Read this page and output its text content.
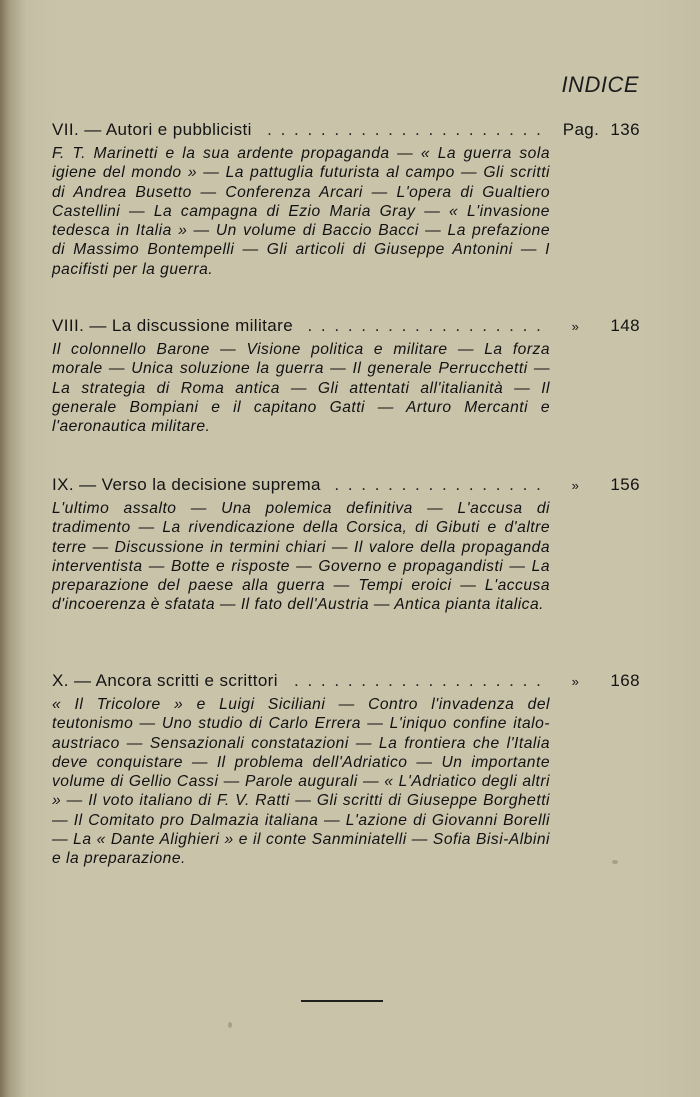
INDICE
. . .
VII. — Autori e pubblicisti	Pag. 136
F. T. Marinetti e la sua ardente propaganda — « La guerra sola igiene del mondo » — La pattuglia futurista al campo — Gli scritti di Andrea Busetto — Conferenza Arcari — L'opera di Gualtiero Castellini — La campagna di Ezio Maria Gray — « L'invasione tedesca in Italia » — Un volume di Baccio Bacci — La prefazione di Massimo Bontempelli — Gli articoli di Giuseppe Antonini — I pacifisti per la guerra.
. . .
VIII. — La discussione militare	» 148
Il colonnello Barone — Visione politica e militare — La forza morale — Unica soluzione la guerra — Il generale Perrucchetti — La strategia di Roma antica — Gli attentati all'italianità — Il generale Bompiani e il capitano Gatti — Arturo Mercanti e l'aeronautica militare.
. . .
IX. — Verso la decisione suprema	» 156
L'ultimo assalto — Una polemica definitiva — L'accusa di tradimento — La rivendicazione della Corsica, di Gibuti e d'altre terre — Discussione in termini chiari — Il valore della propaganda interventista — Botte e risposte — Governo e propagandisti — La preparazione del paese alla guerra — Tempi eroici — L'accusa d'incoerenza è sfatata — Il fato dell'Austria — Antica pianta italica.
. . .
X. — Ancora scritti e scrittori	» 168
« Il Tricolore » e Luigi Siciliani — Contro l'invadenza del teutonismo — Uno studio di Carlo Errera — L'iniquo confine italo-austriaco — Sensazionali constatazioni — La frontiera che l'Italia deve conquistare — Il problema dell'Adriatico — Un importante volume di Gellio Cassi — Parole augurali — « L'Adriatico degli altri » — Il voto italiano di F. V. Ratti — Gli scritti di Giuseppe Borghetti — Il Comitato pro Dalmazia italiana — L'azione di Giovanni Borelli — La « Dante Alighieri » e il conte Sanminiatelli — Sofia Bisi-Albini e la preparazione.
